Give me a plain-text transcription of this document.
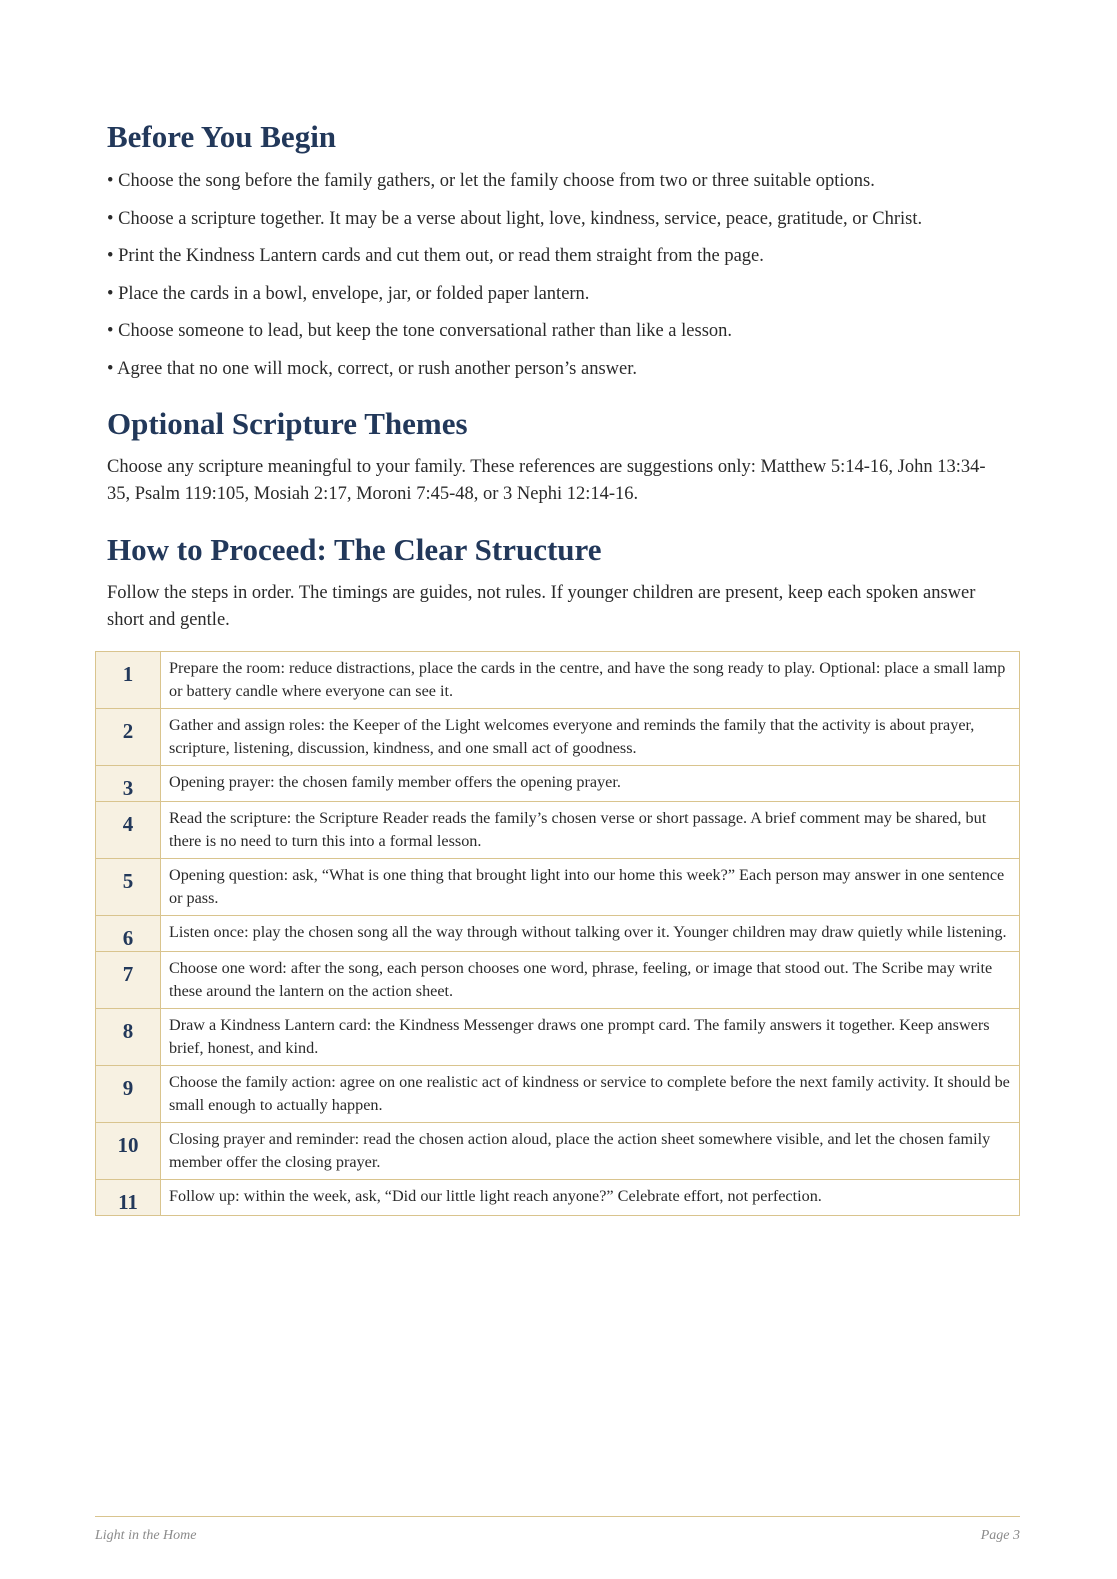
Before You Begin
• Choose the song before the family gathers, or let the family choose from two or three suitable options.
• Choose a scripture together. It may be a verse about light, love, kindness, service, peace, gratitude, or Christ.
• Print the Kindness Lantern cards and cut them out, or read them straight from the page.
• Place the cards in a bowl, envelope, jar, or folded paper lantern.
• Choose someone to lead, but keep the tone conversational rather than like a lesson.
• Agree that no one will mock, correct, or rush another person’s answer.
Optional Scripture Themes

Choose any scripture meaningful to your family. These references are suggestions only: Matthew 5:14-16, John 13:34-35, Psalm 119:105, Mosiah 2:17, Moroni 7:45-48, or 3 Nephi 12:14-16.

How to Proceed: The Clear Structure

Follow the steps in order. The timings are guides, not rules. If younger children are present, keep each spoken answer short and gentle.

1	Prepare the room: reduce distractions, place the cards in the centre, and have the song ready to play. Optional: place a small lamp or battery candle where everyone can see it.
2	Gather and assign roles: the Keeper of the Light welcomes everyone and reminds the family that the activity is about prayer, scripture, listening, discussion, kindness, and one small act of goodness.
3	Opening prayer: the chosen family member offers the opening prayer.
4	Read the scripture: the Scripture Reader reads the family’s chosen verse or short passage. A brief comment may be shared, but there is no need to turn this into a formal lesson.
5	Opening question: ask, “What is one thing that brought light into our home this week?” Each person may answer in one sentence or pass.
6	Listen once: play the chosen song all the way through without talking over it. Younger children may draw quietly while listening.
7	Choose one word: after the song, each person chooses one word, phrase, feeling, or image that stood out. The Scribe may write these around the lantern on the action sheet.
8	Draw a Kindness Lantern card: the Kindness Messenger draws one prompt card. The family answers it together. Keep answers brief, honest, and kind.
9	Choose the family action: agree on one realistic act of kindness or service to complete before the next family activity. It should be small enough to actually happen.
10	Closing prayer and reminder: read the chosen action aloud, place the action sheet somewhere visible, and let the chosen family member offer the closing prayer.
11	Follow up: within the week, ask, “Did our little light reach anyone?” Celebrate effort, not perfection.
Light in the Home	Page 3
